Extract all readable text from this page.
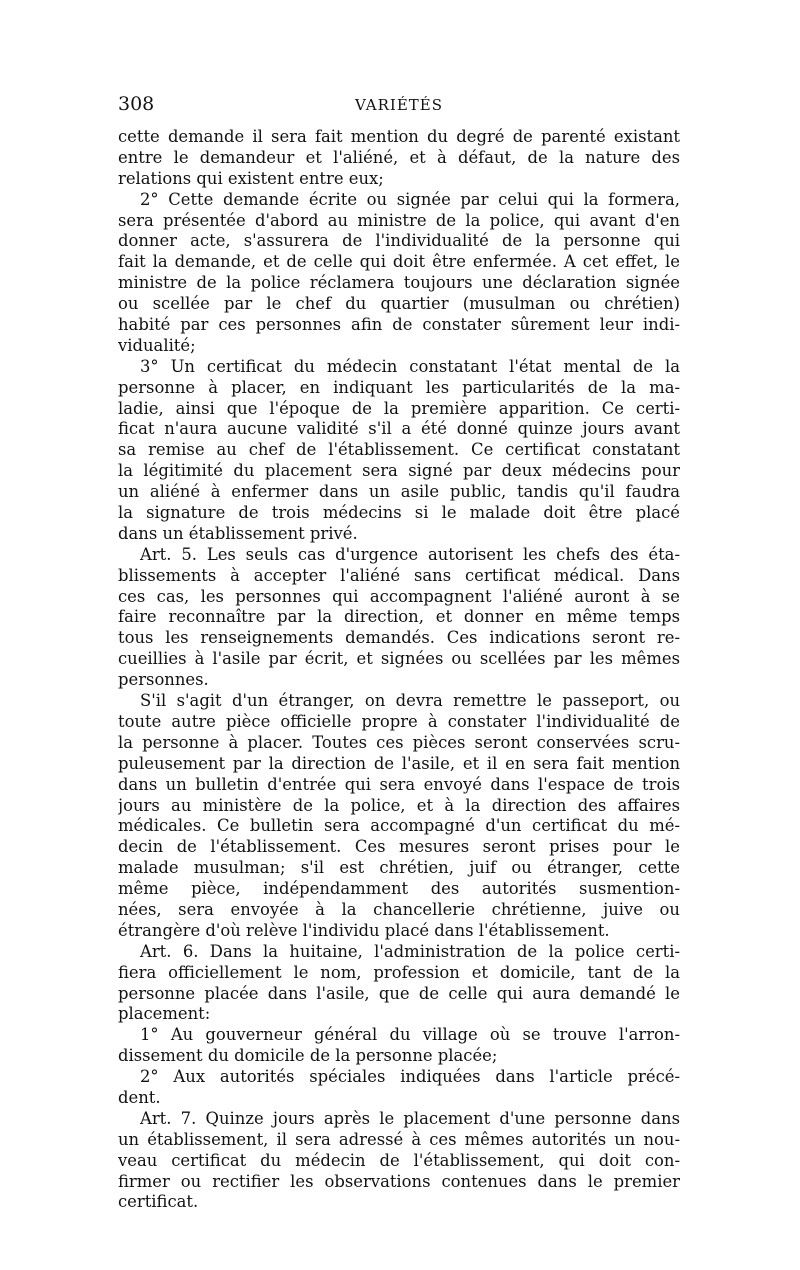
308	VARIÉTÉS
cette demande il sera fait mention du degré de parenté existant
entre le demandeur et l'aliéné, et à défaut, de la nature des
relations qui existent entre eux;
2° Cette demande écrite ou signée par celui qui la formera,
sera présentée d'abord au ministre de la police, qui avant d'en
donner acte, s'assurera de l'individualité de la personne qui
fait la demande, et de celle qui doit être enfermée. A cet effet, le
ministre de la police réclamera toujours une déclaration signée
ou scellée par le chef du quartier (musulman ou chrétien)
habité par ces personnes afin de constater sûrement leur indi-
vidualité;
3° Un certificat du médecin constatant l'état mental de la
personne à placer, en indiquant les particularités de la ma-
ladie, ainsi que l'époque de la première apparition. Ce certi-
ficat n'aura aucune validité s'il a été donné quinze jours avant
sa remise au chef de l'établissement. Ce certificat constatant
la légitimité du placement sera signé par deux médecins pour
un aliéné à enfermer dans un asile public, tandis qu'il faudra
la signature de trois médecins si le malade doit être placé
dans un établissement privé.
Art. 5. Les seuls cas d'urgence autorisent les chefs des éta-
blissements à accepter l'aliéné sans certificat médical. Dans
ces cas, les personnes qui accompagnent l'aliéné auront à se
faire reconnaître par la direction, et donner en même temps
tous les renseignements demandés. Ces indications seront re-
cueillies à l'asile par écrit, et signées ou scellées par les mêmes
personnes.
S'il s'agit d'un étranger, on devra remettre le passeport, ou
toute autre pièce officielle propre à constater l'individualité de
la personne à placer. Toutes ces pièces seront conservées scru-
puleusement par la direction de l'asile, et il en sera fait mention
dans un bulletin d'entrée qui sera envoyé dans l'espace de trois
jours au ministère de la police, et à la direction des affaires
médicales. Ce bulletin sera accompagné d'un certificat du mé-
decin de l'établissement. Ces mesures seront prises pour le
malade musulman; s'il est chrétien, juif ou étranger, cette
même pièce, indépendamment des autorités susmention-
nées, sera envoyée à la chancellerie chrétienne, juive ou
étrangère d'où relève l'individu placé dans l'établissement.
Art. 6. Dans la huitaine, l'administration de la police certi-
fiera officiellement le nom, profession et domicile, tant de la
personne placée dans l'asile, que de celle qui aura demandé le
placement:
1° Au gouverneur général du village où se trouve l'arron-
dissement du domicile de la personne placée;
2° Aux autorités spéciales indiquées dans l'article précé-
dent.
Art. 7. Quinze jours après le placement d'une personne dans
un établissement, il sera adressé à ces mêmes autorités un nou-
veau certificat du médecin de l'établissement, qui doit con-
firmer ou rectifier les observations contenues dans le premier
certificat.
